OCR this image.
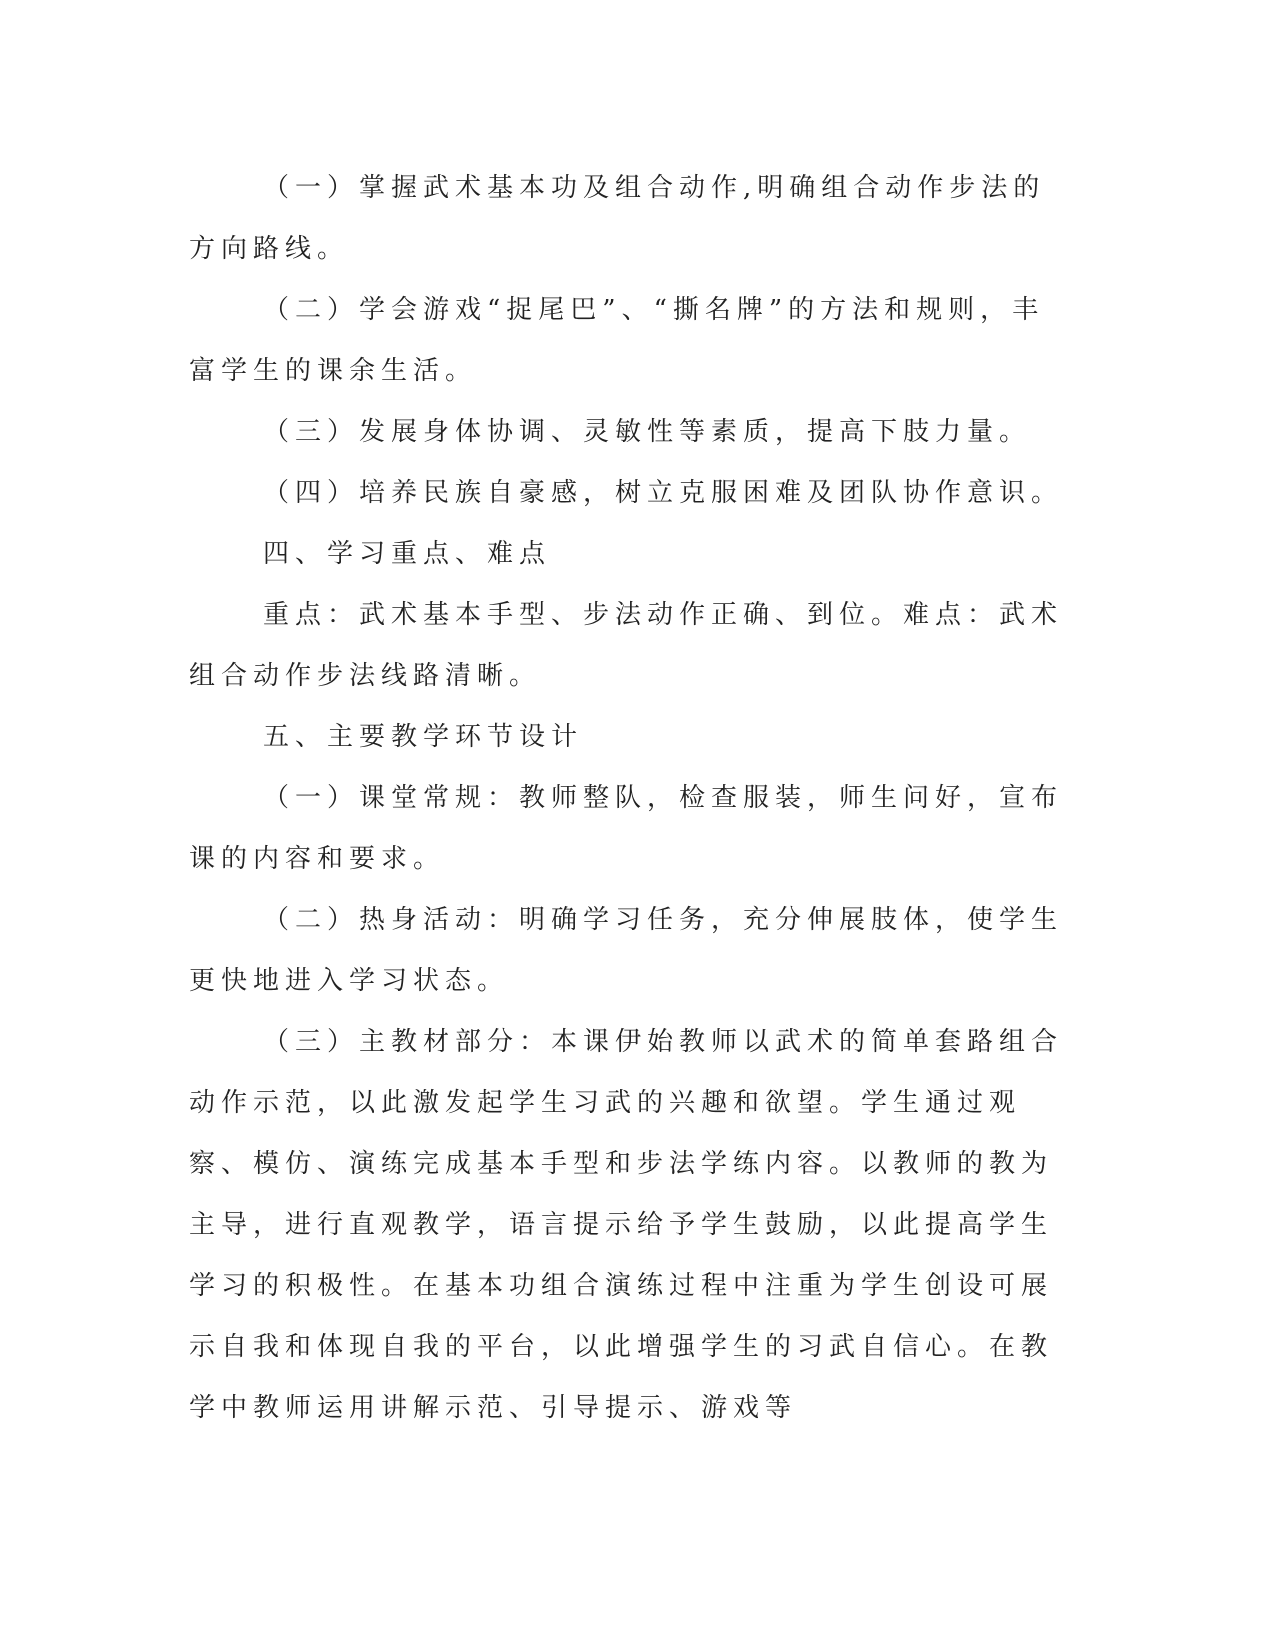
（一）掌握武术基本功及组合动作,明确组合动作步法的方向路线。

（二）学会游戏“捉尾巴”、“撕名牌”的方法和规则，丰富学生的课余生活。

（三）发展身体协调、灵敏性等素质，提高下肢力量。

（四）培养民族自豪感，树立克服困难及团队协作意识。

四、学习重点、难点

重点：武术基本手型、步法动作正确、到位。难点：武术组合动作步法线路清晰。

五、主要教学环节设计

（一）课堂常规：教师整队，检查服装，师生问好，宣布课的内容和要求。

（二）热身活动：明确学习任务，充分伸展肢体，使学生更快地进入学习状态。

（三）主教材部分：本课伊始教师以武术的简单套路组合动作示范，以此激发起学生习武的兴趣和欲望。学生通过观察、模仿、演练完成基本手型和步法学练内容。以教师的教为主导，进行直观教学，语言提示给予学生鼓励，以此提高学生学习的积极性。在基本功组合演练过程中注重为学生创设可展示自我和体现自我的平台，以此增强学生的习武自信心。在教学中教师运用讲解示范、引导提示、游戏等
